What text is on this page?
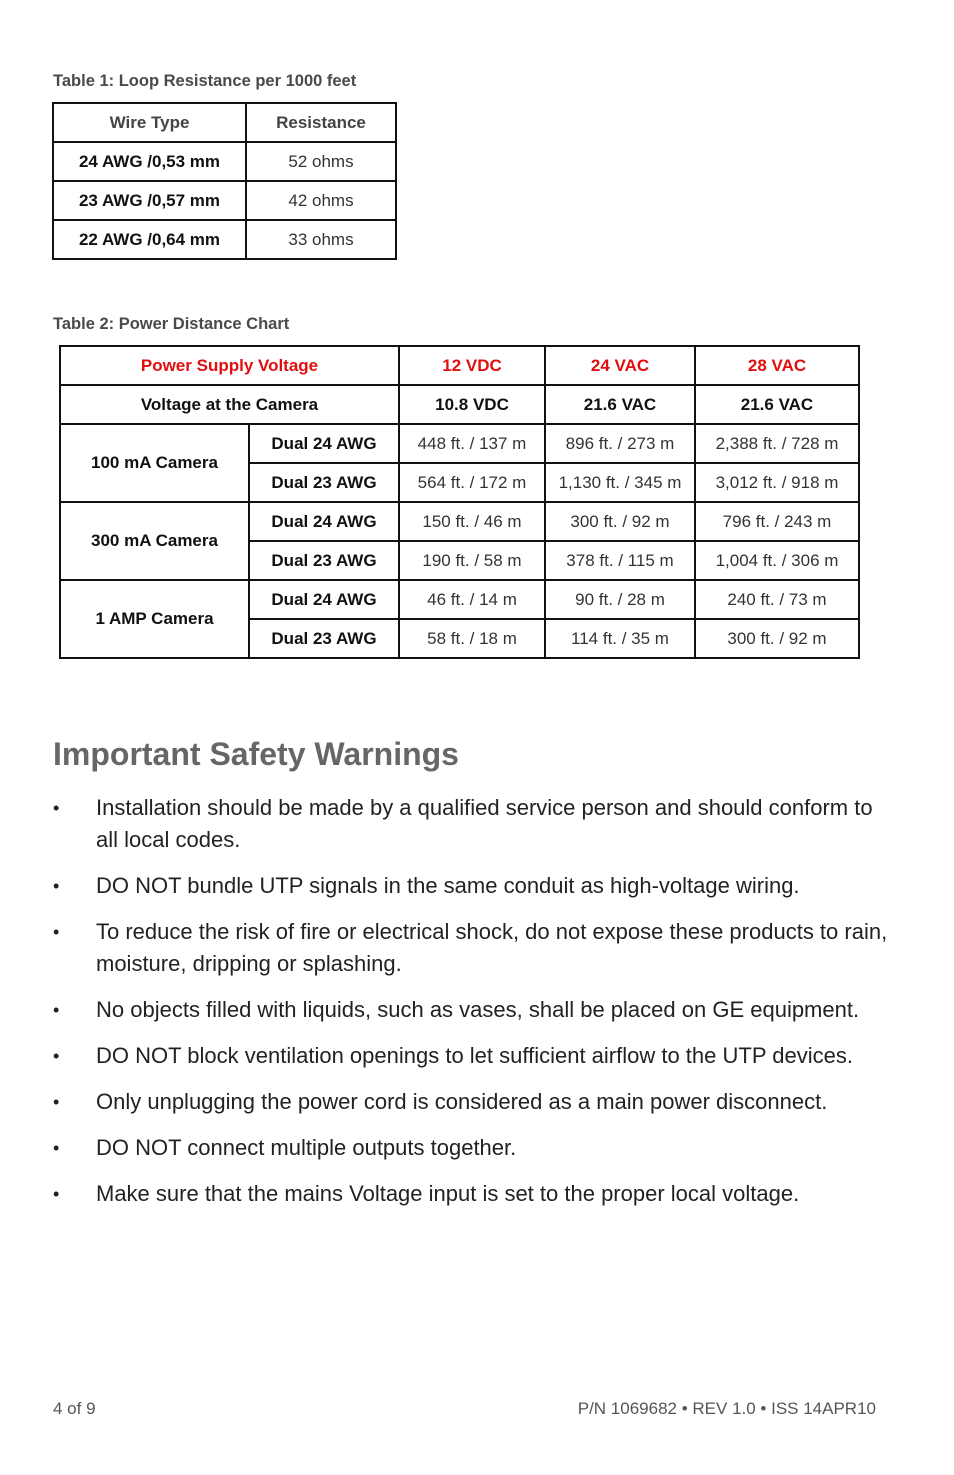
Table 1: Loop Resistance per 1000 feet
Wire Type	Resistance
24 AWG /0,53 mm	52 ohms
23 AWG /0,57 mm	42 ohms
22 AWG /0,64 mm	33 ohms
Table 2: Power Distance Chart
Power Supply Voltage		12 VDC	24 VAC	28 VAC
Voltage at the Camera		10.8 VDC	21.6 VAC	21.6 VAC
100 mA Camera	Dual 24 AWG	448 ft. / 137 m	896 ft. / 273 m	2,388 ft. / 728 m
	Dual 23 AWG	564 ft. / 172 m	1,130 ft. / 345 m	3,012 ft. / 918 m
300 mA Camera	Dual 24 AWG	150 ft. / 46 m	300 ft. / 92 m	796 ft. / 243 m
	Dual 23 AWG	190 ft. / 58 m	378 ft. / 115 m	1,004 ft. / 306 m
1 AMP Camera	Dual 24 AWG	46 ft. / 14 m	90 ft. / 28 m	240 ft. / 73 m
	Dual 23 AWG	58 ft. / 18 m	114 ft. / 35 m	300 ft. / 92 m
Important Safety Warnings
• Installation should be made by a qualified service person and should conform to all local codes.
• DO NOT bundle UTP signals in the same conduit as high-voltage wiring.
• To reduce the risk of fire or electrical shock, do not expose these products to rain, moisture, dripping or splashing.
• No objects filled with liquids, such as vases, shall be placed on GE equipment.
• DO NOT block ventilation openings to let sufficient airflow to the UTP devices.
• Only unplugging the power cord is considered as a main power disconnect.
• DO NOT connect multiple outputs together.
• Make sure that the mains Voltage input is set to the proper local voltage.
4 of 9	P/N 1069682 • REV 1.0 • ISS 14APR10
